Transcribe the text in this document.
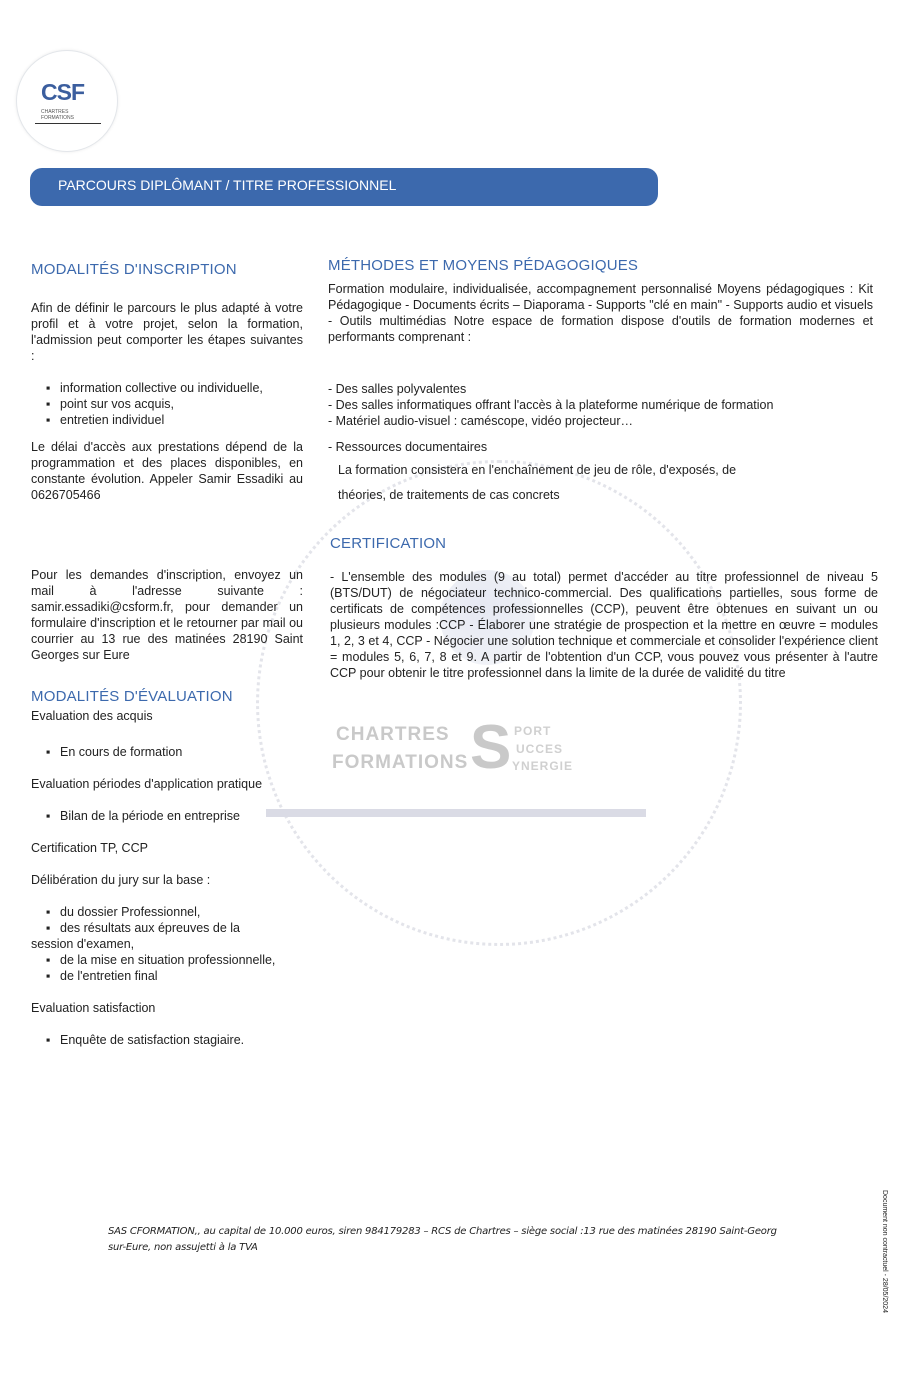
CSF
CHARTRES
FORMATIONS
PARCOURS DIPLÔMANT / TITRE PROFESSIONNEL
CHARTRES
FORMATIONS S PORT
UCCES
YNERGIE
MODALITÉS D'INSCRIPTION
Afin de définir le parcours le plus adapté à votre profil et à votre projet, selon la formation, l'admission peut comporter les étapes suivantes :
▪ information collective ou individuelle,
▪ point sur vos acquis,
▪ entretien individuel
Le délai d'accès aux prestations dépend de la programmation et des places disponibles, en constante évolution. Appeler Samir Essadiki au 0626705466
Pour les demandes d'inscription, envoyez un mail à l'adresse suivante : samir.essadiki@csform.fr, pour demander un formulaire d'inscription et le retourner par mail ou courrier au 13 rue des matinées 28190 Saint Georges sur Eure
MODALITÉS D'ÉVALUATION
Evaluation des acquis
▪ En cours de formation
Evaluation périodes d'application pratique
▪ Bilan de la période en entreprise
Certification TP, CCP
Délibération du jury sur la base :
▪ du dossier Professionnel,
▪ des résultats aux épreuves de la
session d'examen,
▪ de la mise en situation professionnelle,
▪ de l'entretien final
Evaluation satisfaction
▪ Enquête de satisfaction stagiaire.
MÉTHODES ET MOYENS PÉDAGOGIQUES
Formation modulaire, individualisée, accompagnement personnalisé Moyens pédagogiques : Kit Pédagogique - Documents écrits – Diaporama - Supports "clé en main" - Supports audio et visuels - Outils multimédias Notre espace de formation dispose d'outils de formation modernes et performants comprenant :
- Des salles polyvalentes
- Des salles informatiques offrant l'accès à la plateforme numérique de formation
- Matériel audio-visuel : caméscope, vidéo projecteur…
- Ressources documentaires
La formation consistera en l'enchaînement de jeu de rôle, d'exposés, de
théories, de traitements de cas concrets
CERTIFICATION
- L'ensemble des modules (9 au total) permet d'accéder au titre professionnel de niveau 5 (BTS/DUT) de négociateur technico-commercial. Des qualifications partielles, sous forme de certificats de compétences professionnelles (CCP), peuvent être obtenues en suivant un ou plusieurs modules :CCP - Élaborer une stratégie de prospection et la mettre en œuvre = modules 1, 2, 3 et 4, CCP - Négocier une solution technique et commerciale et consolider l'expérience client = modules 5, 6, 7, 8 et 9. A partir de l'obtention d'un CCP, vous pouvez vous présenter à l'autre CCP pour obtenir le titre professionnel dans la limite de la durée de validité du titre
SAS CFORMATION,, au capital de 10.000 euros, siren 984179283 – RCS de Chartres – siège social :13 rue des matinées 28190 Saint-Georg
sur-Eure, non assujetti à la TVA	Document non contractuel - 28/05/2024
